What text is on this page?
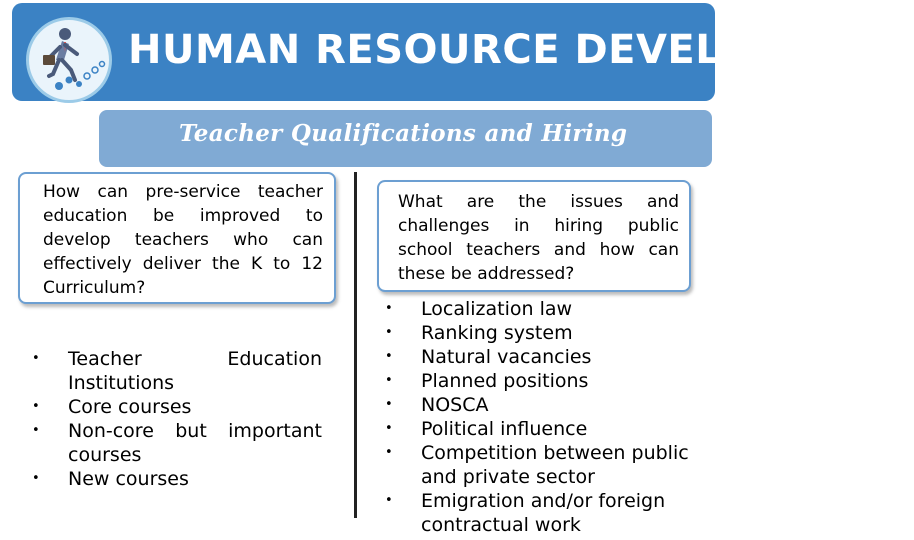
HUMAN RESOURCE DEVELOPMENT
Teacher Qualifications and Hiring
How can pre-service teacher education be improved to develop teachers who can effectively deliver the K to 12 Curriculum?
What are the issues and challenges in hiring public school teachers and how can these be addressed?
• Teacher Education Institutions
• Core courses
• Non-core but important courses
• New courses
• Localization law
• Ranking system
• Natural vacancies
• Planned positions
• NOSCA
• Political influence
• Competition between public and private sector
• Emigration and/or foreign contractual work
